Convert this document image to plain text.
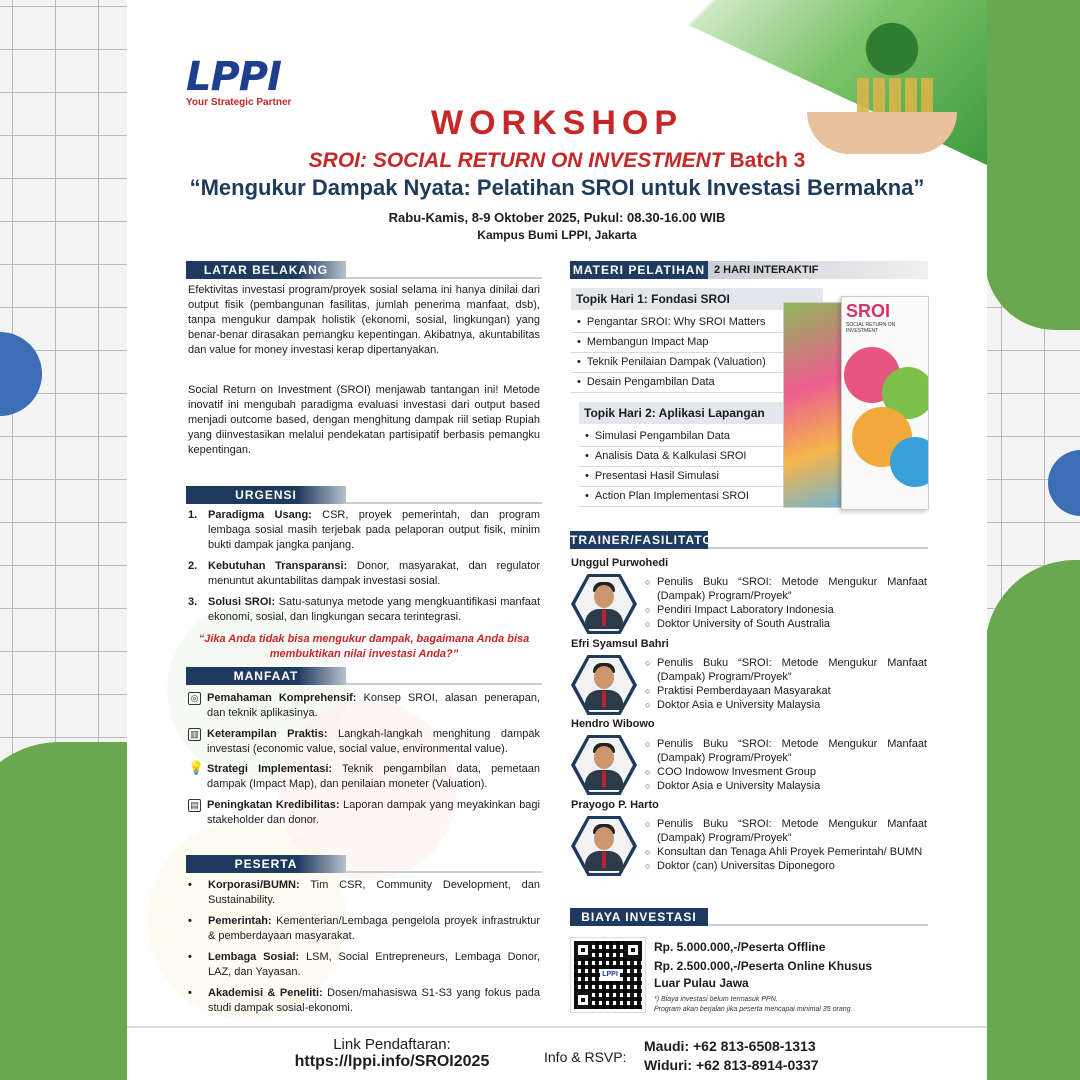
LPPI
Your Strategic Partner
WORKSHOP
SROI: SOCIAL RETURN ON INVESTMENT Batch 3
“Mengukur Dampak Nyata: Pelatihan SROI untuk Investasi Bermakna”
Rabu-Kamis, 8-9 Oktober 2025, Pukul: 08.30-16.00 WIB
Kampus Bumi LPPI, Jakarta
LATAR BELAKANG
Efektivitas investasi program/proyek sosial selama ini hanya dinilai dari output fisik (pembangunan fasilitas, jumlah penerima manfaat, dsb), tanpa mengukur dampak holistik (ekonomi, sosial, lingkungan) yang benar-benar dirasakan pemangku kepentingan. Akibatnya, akuntabilitas dan value for money investasi kerap dipertanyakan.
Social Return on Investment (SROI) menjawab tantangan ini! Metode inovatif ini mengubah paradigma evaluasi investasi dari output based menjadi outcome based, dengan menghitung dampak riil setiap Rupiah yang diinvestasikan melalui pendekatan partisipatif berbasis pemangku kepentingan.
URGENSI
1. Paradigma Usang: CSR, proyek pemerintah, dan program lembaga sosial masih terjebak pada pelaporan output fisik, minim bukti dampak jangka panjang.
2. Kebutuhan Transparansi: Donor, masyarakat, dan regulator menuntut akuntabilitas dampak investasi sosial.
3. Solusi SROI: Satu-satunya metode yang mengkuantifikasi manfaat ekonomi, sosial, dan lingkungan secara terintegrasi.
“Jika Anda tidak bisa mengukur dampak, bagaimana Anda bisa
membuktikan nilai investasi Anda?”
MANFAAT
◎ Pemahaman Komprehensif: Konsep SROI, alasan penerapan, dan teknik aplikasinya.
▥ Keterampilan Praktis: Langkah-langkah menghitung dampak investasi (economic value, social value, environmental value).
💡 Strategi Implementasi: Teknik pengambilan data, pemetaan dampak (Impact Map), dan penilaian moneter (Valuation).
▤ Peningkatan Kredibilitas: Laporan dampak yang meyakinkan bagi stakeholder dan donor.
PESERTA
•	Korporasi/BUMN: Tim CSR, Community Development, dan Sustainability.
•	Pemerintah: Kementerian/Lembaga pengelola proyek infrastruktur & pemberdayaan masyarakat.
•	Lembaga Sosial: LSM, Social Entrepreneurs, Lembaga Donor, LAZ, dan Yayasan.
•	Akademisi & Peneliti: Dosen/mahasiswa S1-S3 yang fokus pada studi dampak sosial-ekonomi.
MATERI PELATIHAN 2 HARI INTERAKTIF
Topik Hari 1: Fondasi SROI
• Pengantar SROI: Why SROI Matters
• Membangun Impact Map
• Teknik Penilaian Dampak (Valuation)
• Desain Pengambilan Data
Topik Hari 2: Aplikasi Lapangan
• Simulasi Pengambilan Data
• Analisis Data & Kalkulasi SROI
• Presentasi Hasil Simulasi
• Action Plan Implementasi SROI
SROI
SOCIAL RETURN ON INVESTMENT
TRAINER/FASILITATOR
Unggul Purwohedi
○ Penulis Buku “SROI: Metode Mengukur Manfaat (Dampak) Program/Proyek”
○ Pendiri Impact Laboratory Indonesia
○ Doktor University of South Australia
Efri Syamsul Bahri
○ Penulis Buku “SROI: Metode Mengukur Manfaat (Dampak) Program/Proyek”
○ Praktisi Pemberdayaan Masyarakat
○ Doktor Asia e University Malaysia
Hendro Wibowo
○ Penulis Buku “SROI: Metode Mengukur Manfaat (Dampak) Program/Proyek”
○ COO Indowow Invesment Group
○ Doktor Asia e University Malaysia
Prayogo P. Harto
○ Penulis Buku “SROI: Metode Mengukur Manfaat (Dampak) Program/Proyek”
○ Konsultan dan Tenaga Ahli Proyek Pemerintah/ BUMN
○ Doktor (can) Universitas Diponegoro
BIAYA INVESTASI
LPPI
Rp. 5.000.000,-/Peserta Offline
Rp. 2.500.000,-/Peserta Online Khusus
Luar Pulau Jawa
*) Biaya investasi belum termasuk PPN.
Program akan berjalan jika peserta mencapai minimal 35 orang.
Link Pendaftaran:
https://lppi.info/SROI2025	Info & RSVP:
Maudi: +62 813-6508-1313
Widuri: +62 813-8914-0337
